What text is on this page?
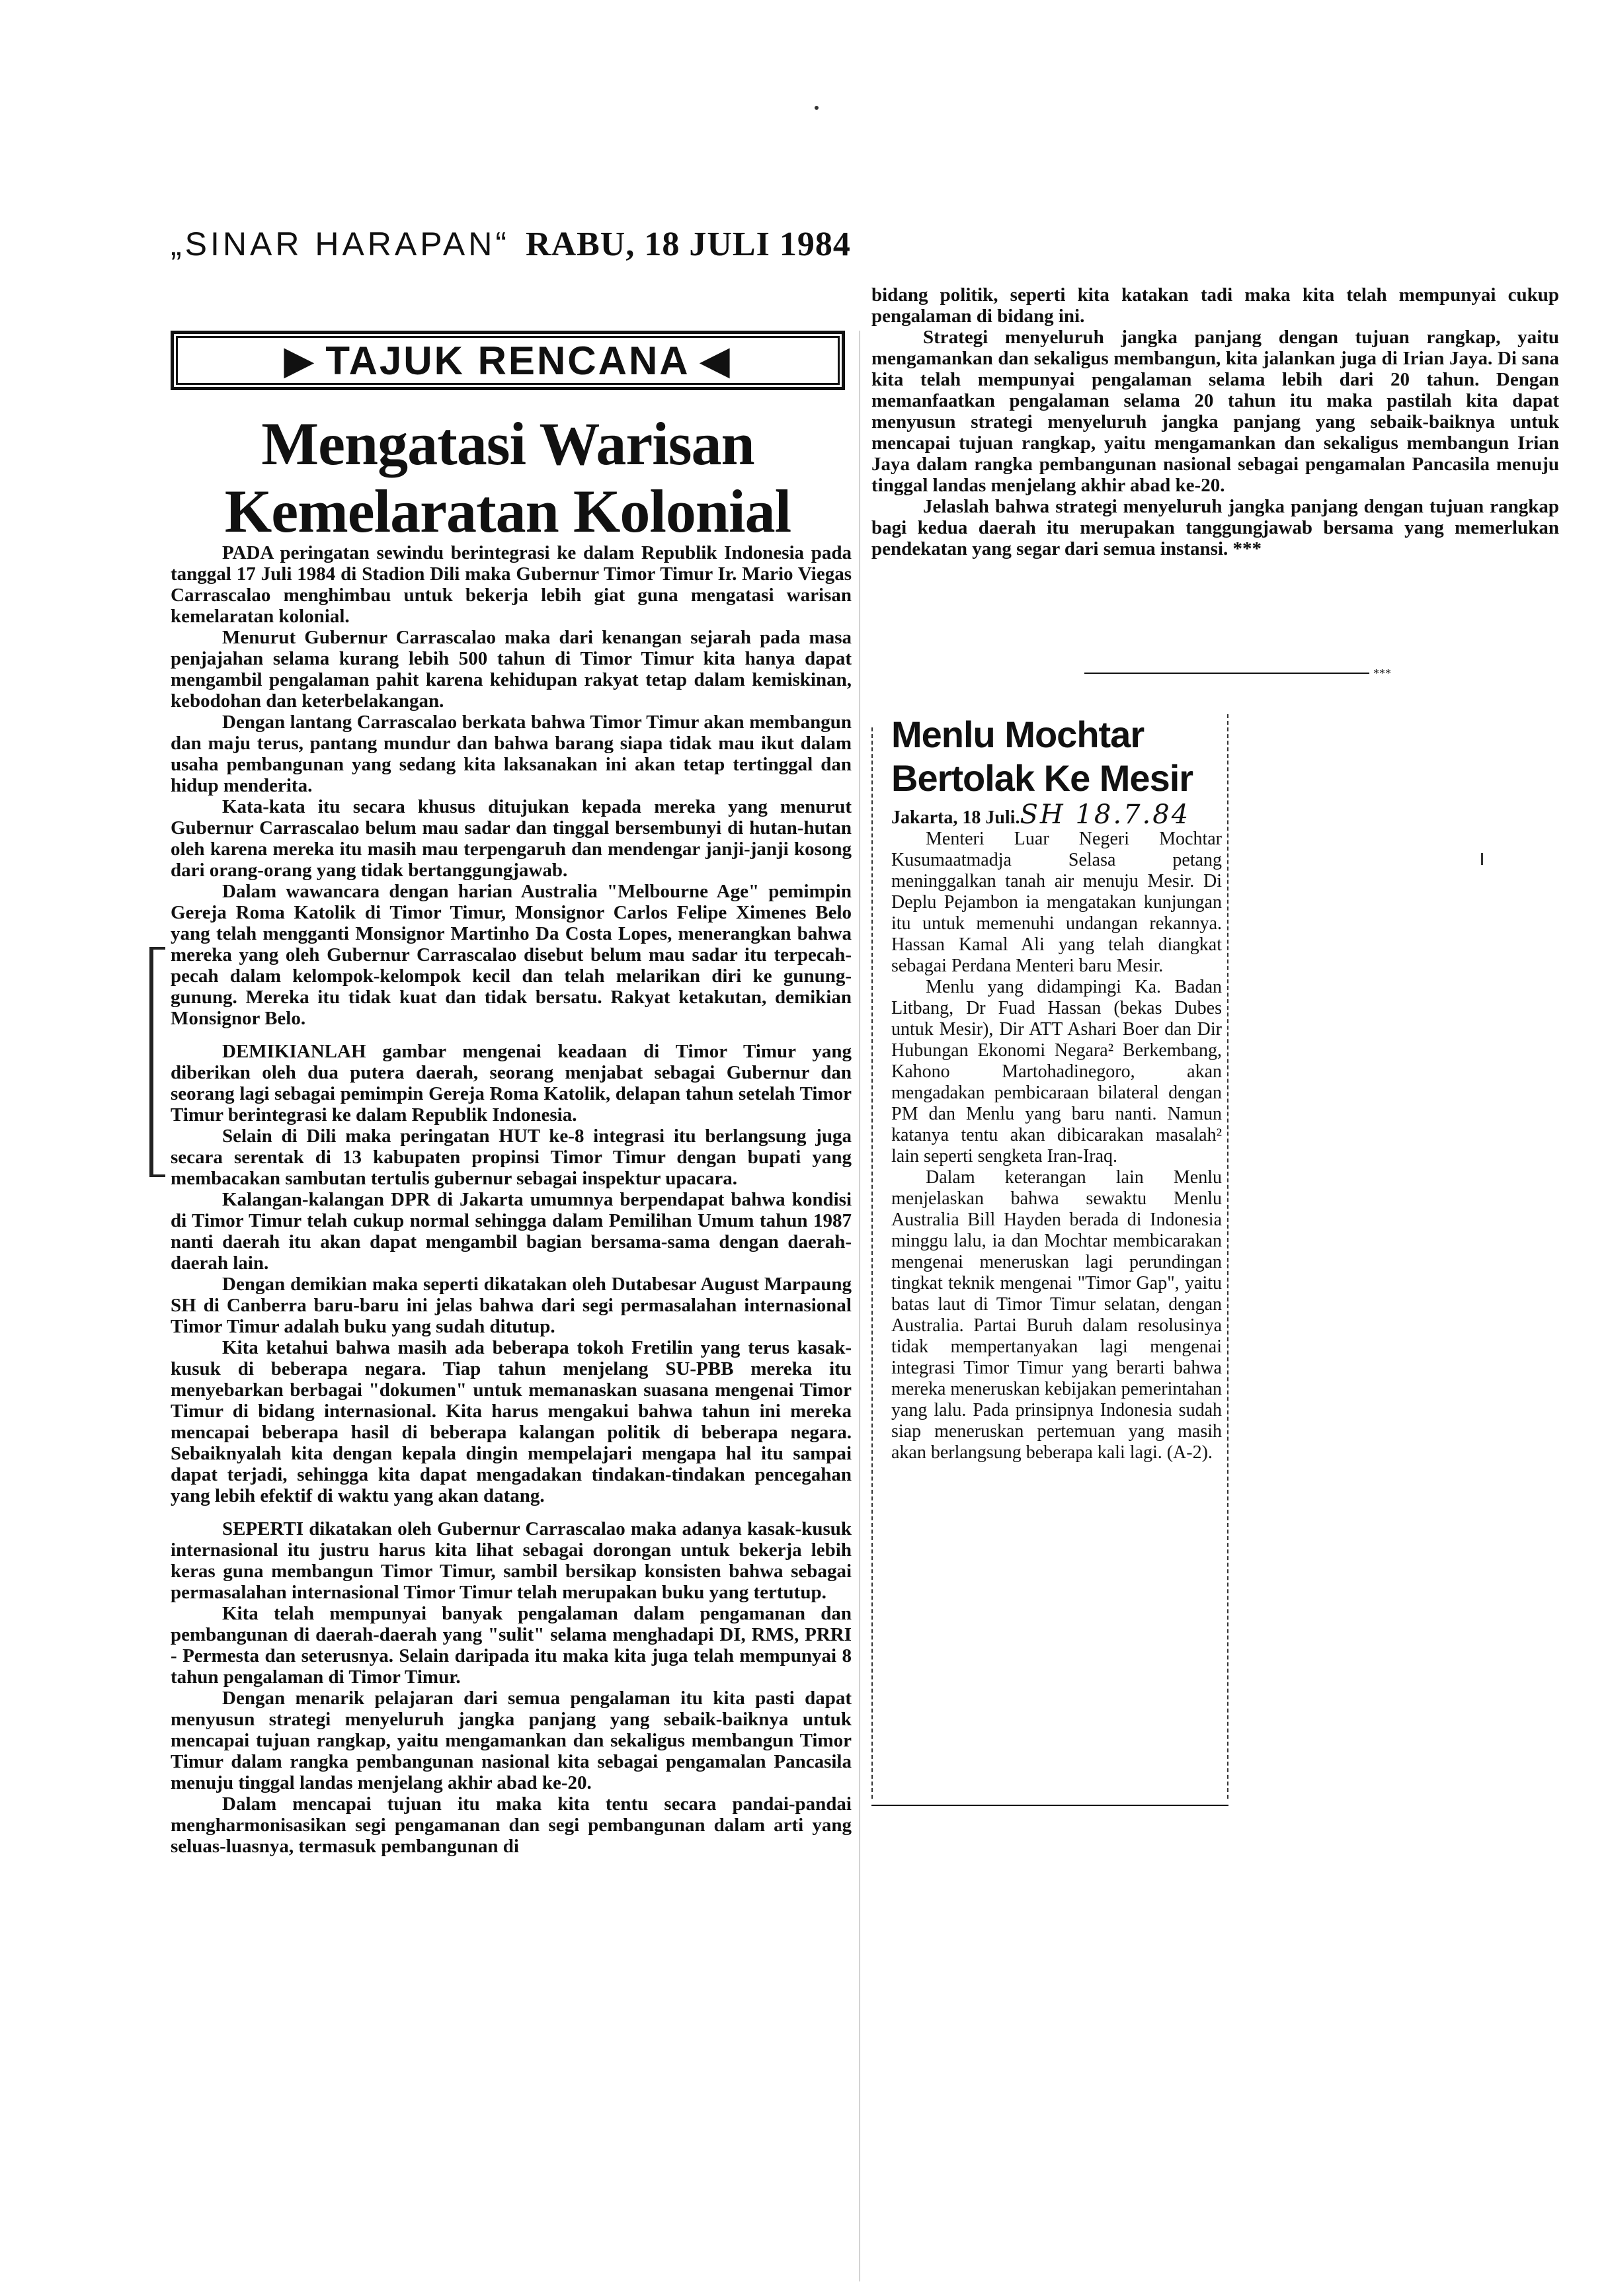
„SINAR HARAPAN“ RABU, 18 JULI 1984
▶ TAJUK RENCANA ◀
Mengatasi Warisan
Kemelaratan Kolonial

PADA peringatan sewindu berintegrasi ke dalam Republik Indonesia pada tanggal 17 Juli 1984 di Stadion Dili maka Gubernur Timor Timur Ir. Mario Viegas Carrascalao menghimbau untuk bekerja lebih giat guna mengatasi warisan kemelaratan kolonial.

Menurut Gubernur Carrascalao maka dari kenangan sejarah pada masa penjajahan selama kurang lebih 500 tahun di Timor Timur kita hanya dapat mengambil pengalaman pahit karena kehidupan rakyat tetap dalam kemiskinan, kebodohan dan keterbelakangan.

Dengan lantang Carrascalao berkata bahwa Timor Timur akan membangun dan maju terus, pantang mundur dan bahwa barang siapa tidak mau ikut dalam usaha pembangunan yang sedang kita laksanakan ini akan tetap tertinggal dan hidup menderita.

Kata-kata itu secara khusus ditujukan kepada mereka yang menurut Gubernur Carrascalao belum mau sadar dan tinggal bersembunyi di hutan-hutan oleh karena mereka itu masih mau terpengaruh dan mendengar janji-janji kosong dari orang-orang yang tidak bertanggungjawab.

Dalam wawancara dengan harian Australia "Melbourne Age" pemimpin Gereja Roma Katolik di Timor Timur, Monsignor Carlos Felipe Ximenes Belo yang telah mengganti Monsignor Martinho Da Costa Lopes, menerangkan bahwa mereka yang oleh Gubernur Carrascalao disebut belum mau sadar itu terpecah-pecah dalam kelompok-kelompok kecil dan telah melarikan diri ke gunung-gunung. Mereka itu tidak kuat dan tidak bersatu. Rakyat ketakutan, demikian Monsignor Belo.

DEMIKIANLAH gambar mengenai keadaan di Timor Timur yang diberikan oleh dua putera daerah, seorang menjabat sebagai Gubernur dan seorang lagi sebagai pemimpin Gereja Roma Katolik, delapan tahun setelah Timor Timur berintegrasi ke dalam Republik Indonesia.

Selain di Dili maka peringatan HUT ke-8 integrasi itu berlangsung juga secara serentak di 13 kabupaten propinsi Timor Timur dengan bupati yang membacakan sambutan tertulis gubernur sebagai inspektur upacara.

Kalangan-kalangan DPR di Jakarta umumnya berpendapat bahwa kondisi di Timor Timur telah cukup normal sehingga dalam Pemilihan Umum tahun 1987 nanti daerah itu akan dapat mengambil bagian bersama-sama dengan daerah-daerah lain.

Dengan demikian maka seperti dikatakan oleh Dutabesar August Marpaung SH di Canberra baru-baru ini jelas bahwa dari segi permasalahan internasional Timor Timur adalah buku yang sudah ditutup.

Kita ketahui bahwa masih ada beberapa tokoh Fretilin yang terus kasak-kusuk di beberapa negara. Tiap tahun menjelang SU-PBB mereka itu menyebarkan berbagai "dokumen" untuk memanaskan suasana mengenai Timor Timur di bidang internasional. Kita harus mengakui bahwa tahun ini mereka mencapai beberapa hasil di beberapa kalangan politik di beberapa negara. Sebaiknyalah kita dengan kepala dingin mempelajari mengapa hal itu sampai dapat terjadi, sehingga kita dapat mengadakan tindakan-tindakan pencegahan yang lebih efektif di waktu yang akan datang.

SEPERTI dikatakan oleh Gubernur Carrascalao maka adanya kasak-kusuk internasional itu justru harus kita lihat sebagai dorongan untuk bekerja lebih keras guna membangun Timor Timur, sambil bersikap konsisten bahwa sebagai permasalahan internasional Timor Timur telah merupakan buku yang tertutup.

Kita telah mempunyai banyak pengalaman dalam pengamanan dan pembangunan di daerah-daerah yang "sulit" selama menghadapi DI, RMS, PRRI - Permesta dan seterusnya. Selain daripada itu maka kita juga telah mempunyai 8 tahun pengalaman di Timor Timur.

Dengan menarik pelajaran dari semua pengalaman itu kita pasti dapat menyusun strategi menyeluruh jangka panjang yang sebaik-baiknya untuk mencapai tujuan rangkap, yaitu mengamankan dan sekaligus membangun Timor Timur dalam rangka pembangunan nasional kita sebagai pengamalan Pancasila menuju tinggal landas menjelang akhir abad ke-20.

Dalam mencapai tujuan itu maka kita tentu secara pandai-pandai mengharmonisasikan segi pengamanan dan segi pembangunan dalam arti yang seluas-luasnya, termasuk pembangunan di

bidang politik, seperti kita katakan tadi maka kita telah mempunyai cukup pengalaman di bidang ini.

Strategi menyeluruh jangka panjang dengan tujuan rangkap, yaitu mengamankan dan sekaligus membangun, kita jalankan juga di Irian Jaya. Di sana kita telah mempunyai pengalaman selama lebih dari 20 tahun. Dengan memanfaatkan pengalaman selama 20 tahun itu maka pastilah kita dapat menyusun strategi menyeluruh jangka panjang yang sebaik-baiknya untuk mencapai tujuan rangkap, yaitu mengamankan dan sekaligus membangun Irian Jaya dalam rangka pembangunan nasional sebagai pengamalan Pancasila menuju tinggal landas menjelang akhir abad ke-20.

Jelaslah bahwa strategi menyeluruh jangka panjang dengan tujuan rangkap bagi kedua daerah itu merupakan tanggungjawab bersama yang memerlukan pendekatan yang segar dari semua instansi. ***

***
Menlu Mochtar
Bertolak Ke Mesir

Jakarta, 18 Juli.SH 18.7.84

Menteri Luar Negeri Mochtar Kusumaatmadja Selasa petang meninggalkan tanah air menuju Mesir. Di Deplu Pejambon ia mengatakan kunjungan itu untuk memenuhi undangan rekannya. Hassan Kamal Ali yang telah diangkat sebagai Perdana Menteri baru Mesir.

Menlu yang didampingi Ka. Badan Litbang, Dr Fuad Hassan (bekas Dubes untuk Mesir), Dir ATT Ashari Boer dan Dir Hubungan Ekonomi Negara² Berkembang, Kahono Martohadinegoro, akan mengadakan pembicaraan bilateral dengan PM dan Menlu yang baru nanti. Namun katanya tentu akan dibicarakan masalah² lain seperti sengketa Iran-Iraq.

Dalam keterangan lain Menlu menjelaskan bahwa sewaktu Menlu Australia Bill Hayden berada di Indonesia minggu lalu, ia dan Mochtar membicarakan mengenai meneruskan lagi perundingan tingkat teknik mengenai "Timor Gap", yaitu batas laut di Timor Timur selatan, dengan Australia. Partai Buruh dalam resolusinya tidak mempertanyakan lagi mengenai integrasi Timor Timur yang berarti bahwa mereka meneruskan kebijakan pemerintahan yang lalu. Pada prinsipnya Indonesia sudah siap meneruskan pertemuan yang masih akan berlangsung beberapa kali lagi. (A-2).
